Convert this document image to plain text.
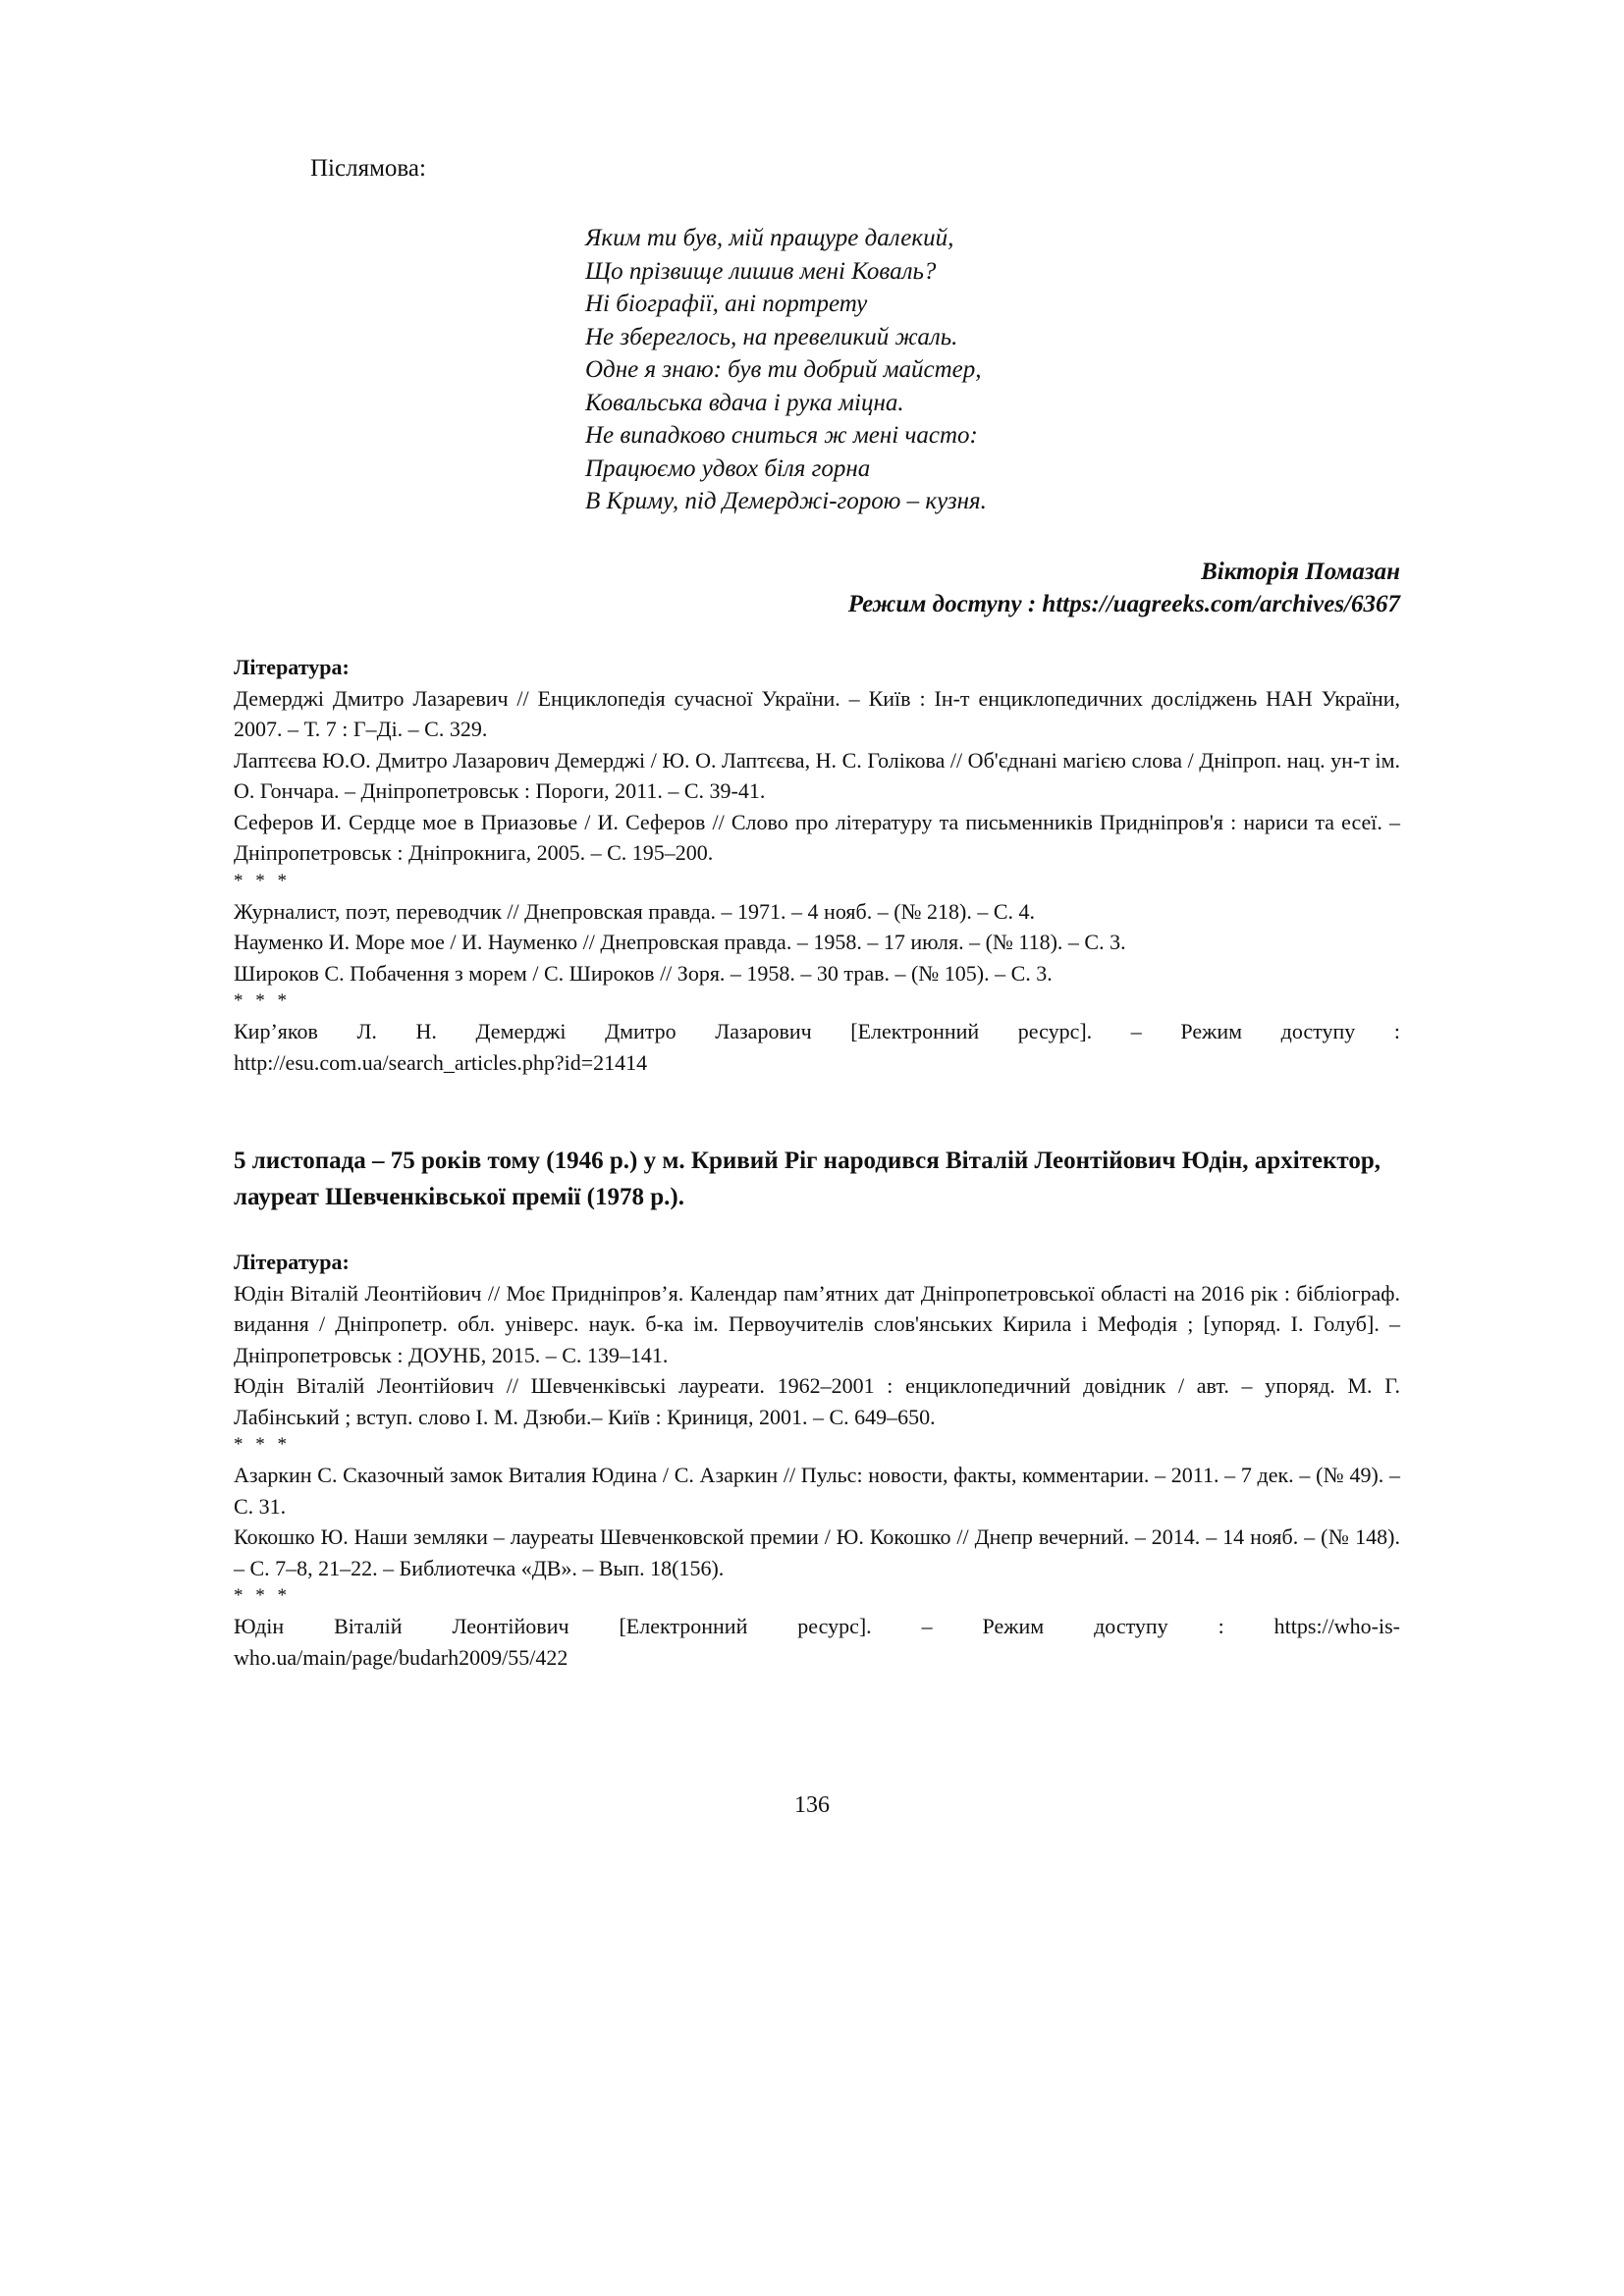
Післямова:

Яким ти був, мій пращуре далекий,
Що прізвище лишив мені Коваль?
Ні біографії, ані портрету
Не збереглось, на превеликий жаль.
Одне я знаю: був ти добрий майстер,
Ковальська вдача і рука міцна.
Не випадково сниться ж мені часто:
Працюємо удвох біля горна
В Криму, під Демерджі-горою – кузня.
Вікторія Помазан
Режим доступу : https://uagreeks.com/archives/6367

Література:

Демерджі Дмитро Лазаревич // Енциклопедія сучасної України. – Київ : Ін-т енциклопедичних досліджень НАН України, 2007. – Т. 7 : Г–Ді. – С. 329.

Лаптєєва Ю.О. Дмитро Лазарович Демерджі / Ю. О. Лаптєєва, Н. С. Голікова // Об'єднані магією слова / Дніпроп. нац. ун-т ім. О. Гончара. – Дніпропетровськ : Пороги, 2011. – С. 39-41.

Сеферов И. Сердце мое в Приазовье / И. Сеферов // Слово про літературу та письменників Придніпров'я : нариси та есеї. – Дніпропетровськ : Дніпрокнига, 2005. – С. 195–200.

* * *

Журналист, поэт, переводчик // Днепровская правда. – 1971. – 4 нояб. – (№ 218). – С. 4.

Науменко И. Море мое / И. Науменко // Днепровская правда. – 1958. – 17 июля. – (№ 118). – С. 3.

Широков С. Побачення з морем / С. Широков // Зоря. – 1958. – 30 трав. – (№ 105). – С. 3.

* * *

Кир’яков Л. Н. Демерджі Дмитро Лазарович [Електронний ресурс]. – Режим доступу :

http://esu.com.ua/search_articles.php?id=21414

5 листопада – 75 років тому (1946 р.) у м. Кривий Ріг народився Віталій Леонтійович Юдін, архітектор, лауреат Шевченківської премії (1978 р.).

Література:

Юдін Віталій Леонтійович // Моє Придніпров’я. Календар пам’ятних дат Дніпропетровської області на 2016 рік : бібліограф. видання / Дніпропетр. обл. універс. наук. б-ка ім. Первоучителів слов'янських Кирила і Мефодія ; [упоряд. І. Голуб]. – Дніпропетровськ : ДОУНБ, 2015. – С. 139–141.

Юдін Віталій Леонтійович // Шевченківські лауреати. 1962–2001 : енциклопедичний довідник / авт. – упоряд. М. Г. Лабінський ; вступ. слово І. М. Дзюби.– Київ : Криниця, 2001. – С. 649–650.

* * *

Азаркин С. Сказочный замок Виталия Юдина / С. Азаркин // Пульс: новости, факты, комментарии. – 2011. – 7 дек. – (№ 49). – С. 31.

Кокошко Ю. Наши земляки – лауреаты Шевченковской премии / Ю. Кокошко // Днепр вечерний. – 2014. – 14 нояб. – (№ 148). – С. 7–8, 21–22. – Библиотечка «ДВ». – Вып. 18(156).

* * *

Юдін Віталій Леонтійович [Електронний ресурс]. – Режим доступу : https://who-is-

who.ua/main/page/budarh2009/55/422

136
